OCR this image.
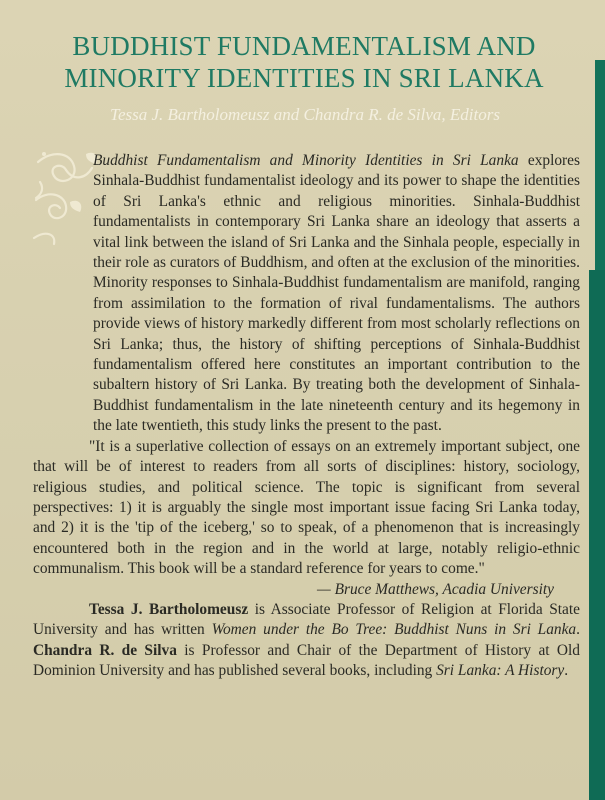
BUDDHIST FUNDAMENTALISM AND
MINORITY IDENTITIES IN SRI LANKA

Tessa J. Bartholomeusz and Chandra R. de Silva, Editors

Buddhist Fundamentalism and Minority Identities in Sri Lanka explores Sinhala-Buddhist fundamentalist ideology and its power to shape the identities of Sri Lanka's ethnic and religious minorities. Sinhala-Buddhist fundamentalists in contemporary Sri Lanka share an ideology that asserts a vital link between the island of Sri Lanka and the Sinhala people, especially in their role as curators of Buddhism, and often at the exclusion of the minorities. Minority responses to Sinhala-Buddhist fundamentalism are manifold, ranging from assimilation to the formation of rival fundamentalisms. The authors provide views of history markedly different from most scholarly reflections on Sri Lanka; thus, the history of shifting perceptions of Sinhala-Buddhist fundamentalism offered here constitutes an important contribution to the subaltern history of Sri Lanka. By treating both the development of Sinhala-Buddhist fundamentalism in the late nineteenth century and its hegemony in the late twentieth, this study links the present to the past.

"It is a superlative collection of essays on an extremely important subject, one that will be of interest to readers from all sorts of disciplines: history, sociology, religious studies, and political science. The topic is significant from several perspectives: 1) it is arguably the single most important issue facing Sri Lanka today, and 2) it is the 'tip of the iceberg,' so to speak, of a phenomenon that is increasingly encountered both in the region and in the world at large, notably religio-ethnic communalism. This book will be a standard reference for years to come."

— Bruce Matthews, Acadia University

Tessa J. Bartholomeusz is Associate Professor of Religion at Florida State University and has written Women under the Bo Tree: Buddhist Nuns in Sri Lanka. Chandra R. de Silva is Professor and Chair of the Department of History at Old Dominion University and has published several books, including Sri Lanka: A History.
